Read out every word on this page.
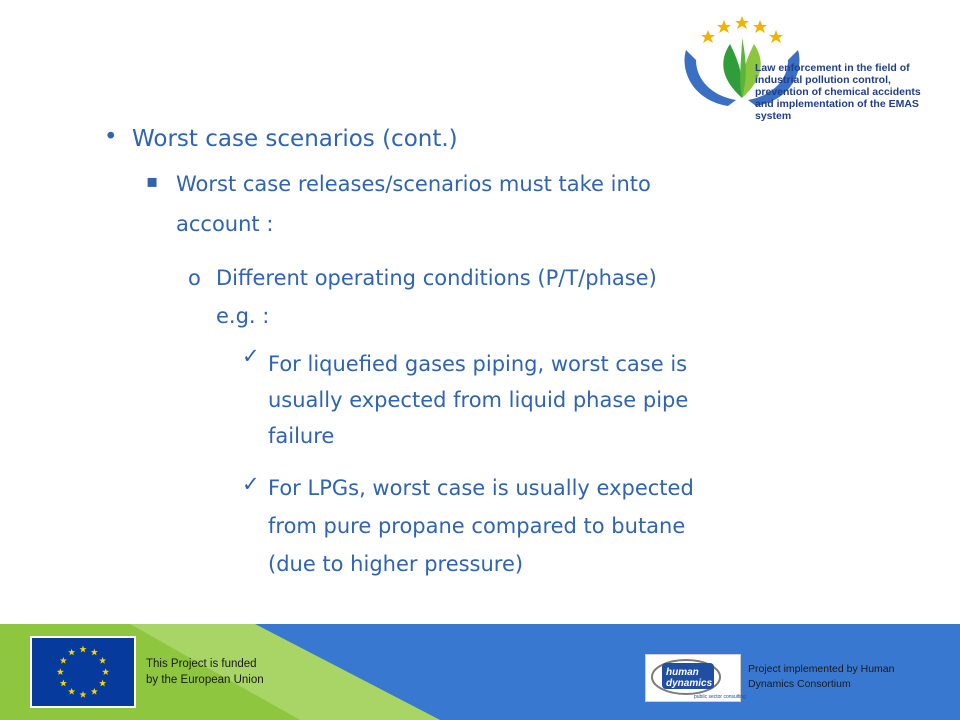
Law enforcement in the field of
industrial pollution control,
prevention of chemical accidents
and implementation of the EMAS system
• Worst case scenarios (cont.)
▪ Worst case releases/scenarios must take into
account :
o Different operating conditions (P/T/phase)
e.g. :
✓ For liquefied gases piping, worst case is
usually expected from liquid phase pipe
failure
✓ For LPGs, worst case is usually expected
from pure propane compared to butane
(due to higher pressure)
This Project is funded
by the European Union
human
dynamics
public sector consulting
Project implemented by Human
Dynamics Consortium
